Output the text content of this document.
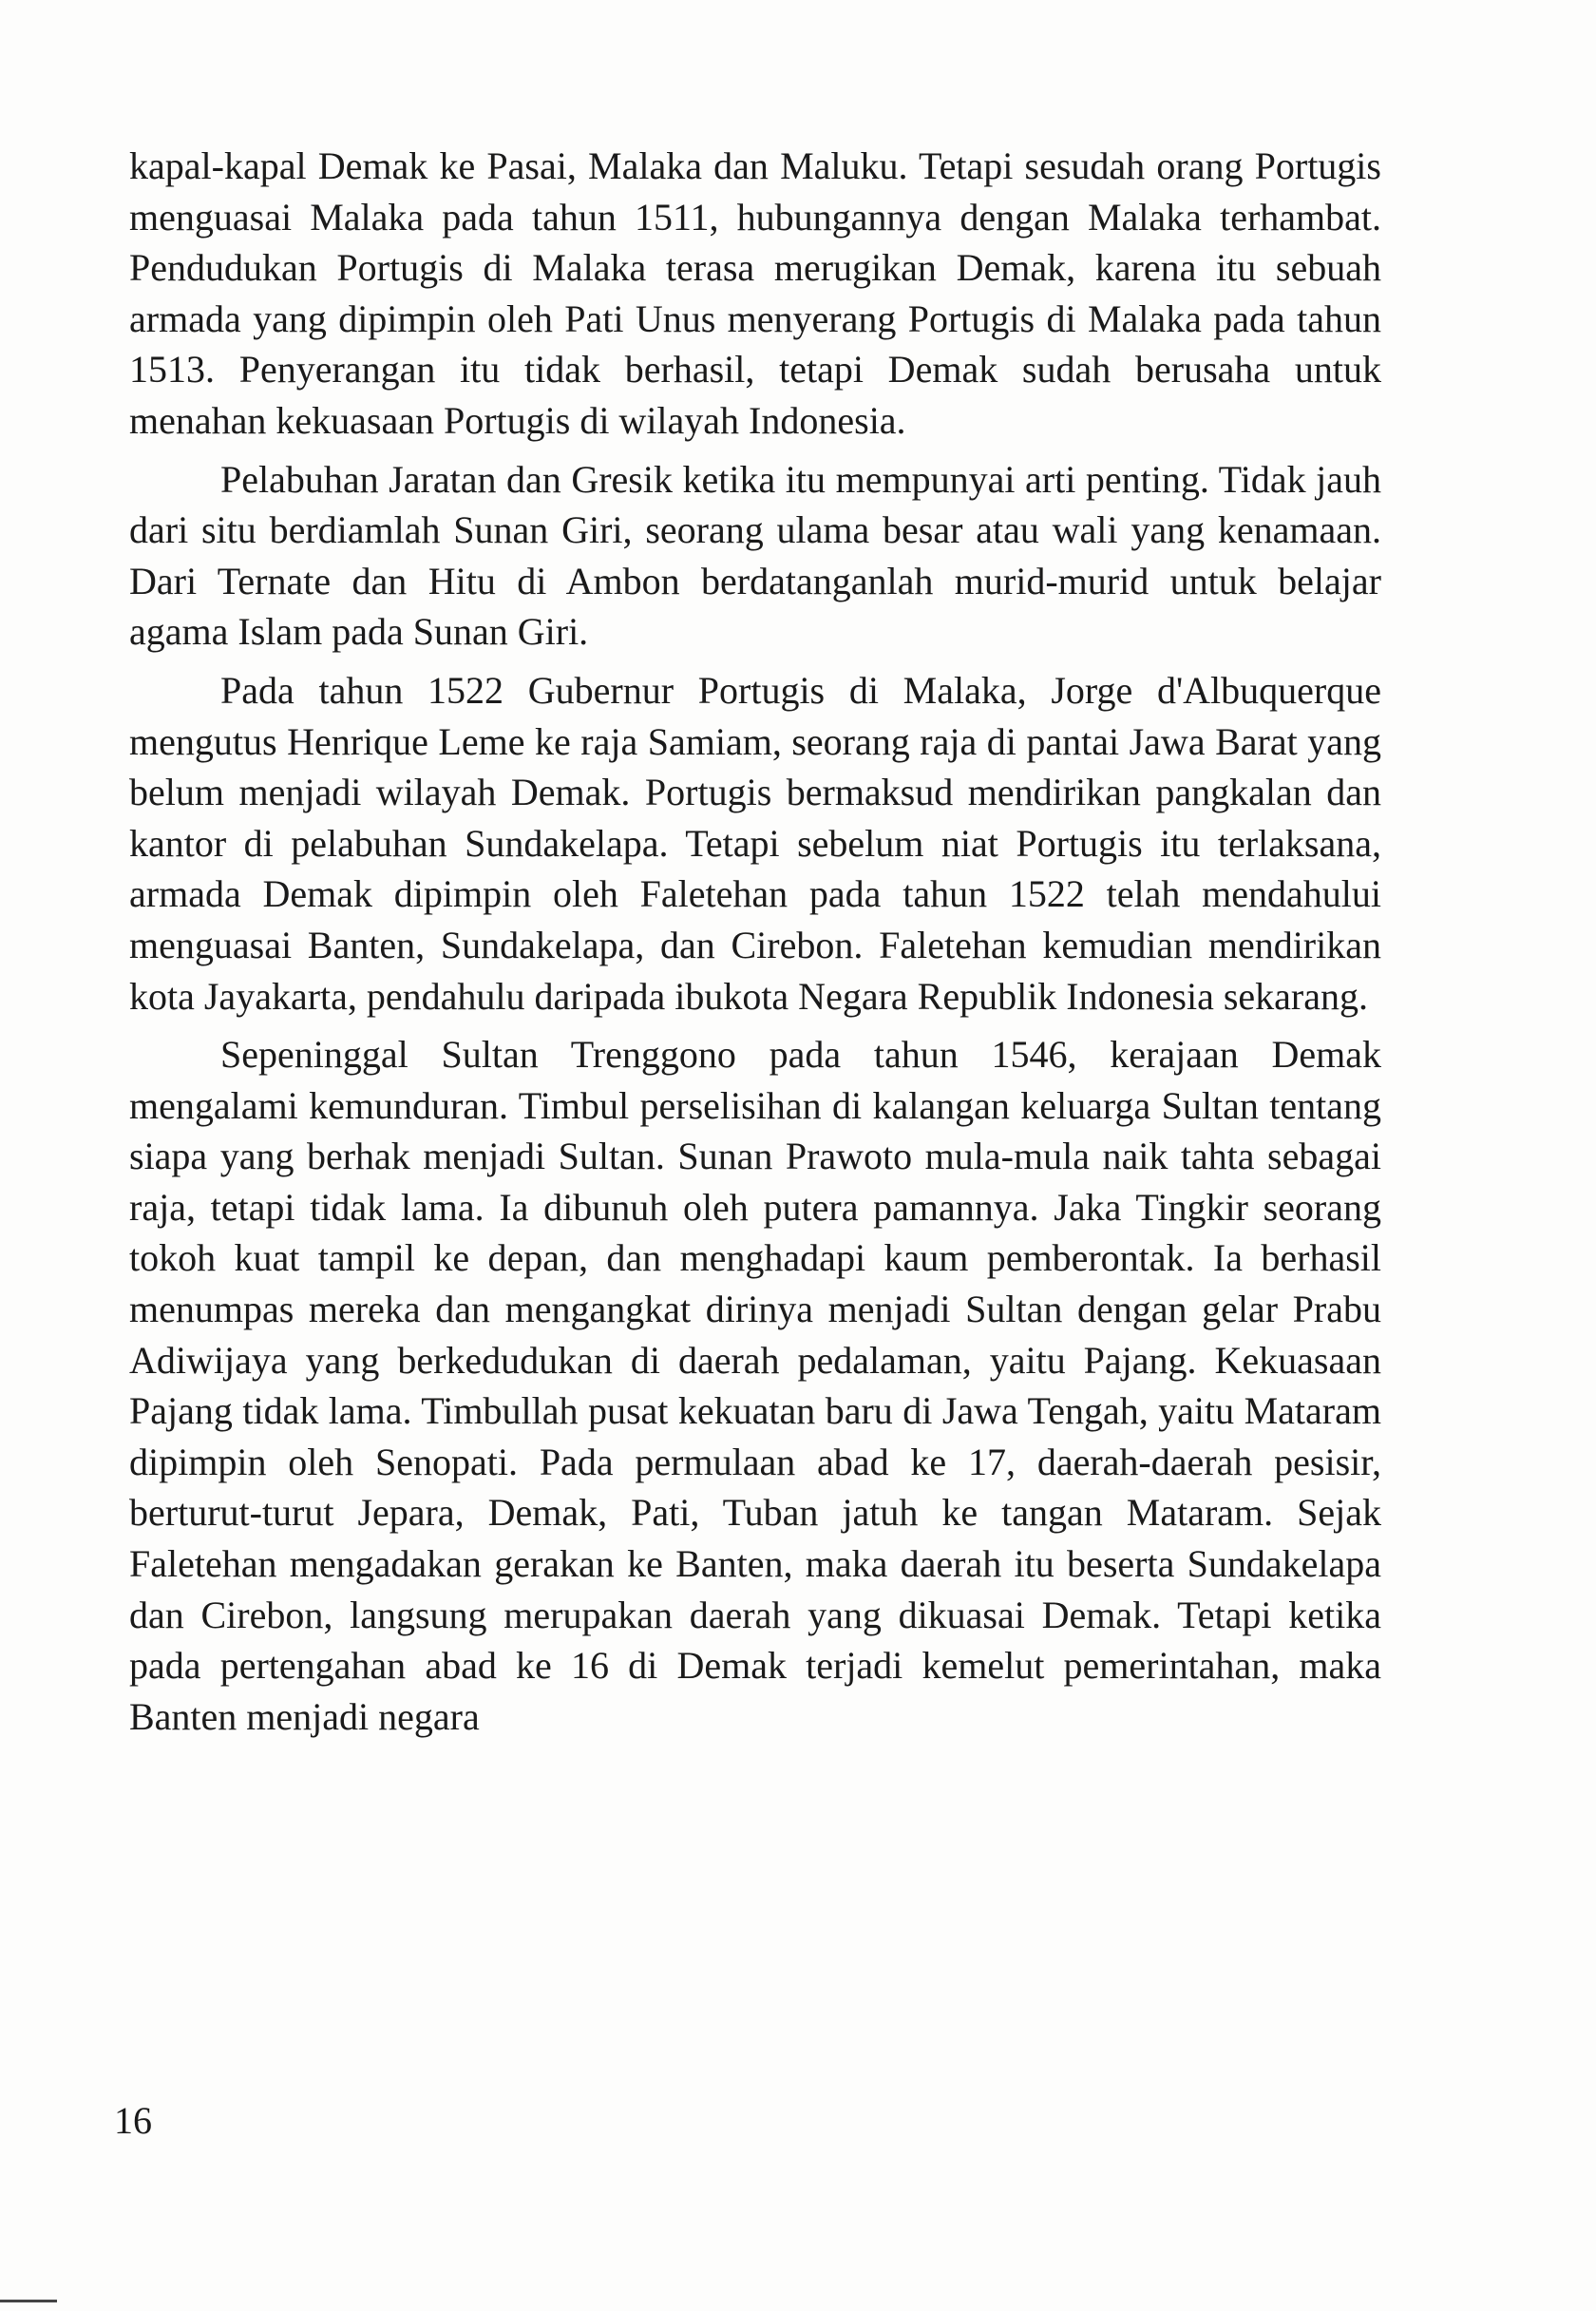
kapal-kapal Demak ke Pasai, Malaka dan Maluku. Tetapi sesudah orang Portugis menguasai Malaka pada tahun 1511, hubungannya dengan Malaka terhambat. Pendudukan Portugis di Malaka terasa merugikan Demak, karena itu sebuah armada yang dipimpin oleh Pati Unus menyerang Portugis di Malaka pada tahun 1513. Penyerangan itu tidak berhasil, tetapi Demak sudah berusaha untuk menahan kekuasaan Portugis di wilayah Indonesia.

Pelabuhan Jaratan dan Gresik ketika itu mempunyai arti penting. Tidak jauh dari situ berdiamlah Sunan Giri, seorang ulama besar atau wali yang kenamaan. Dari Ternate dan Hitu di Ambon berdatanganlah murid-murid untuk belajar agama Islam pada Sunan Giri.

Pada tahun 1522 Gubernur Portugis di Malaka, Jorge d'Albuquerque mengutus Henrique Leme ke raja Samiam, seorang raja di pantai Jawa Barat yang belum menjadi wilayah Demak. Portugis bermaksud mendirikan pangkalan dan kantor di pelabuhan Sundakelapa. Tetapi sebelum niat Portugis itu terlaksana, armada Demak dipimpin oleh Faletehan pada tahun 1522 telah mendahului menguasai Banten, Sundakelapa, dan Cirebon. Faletehan kemudian mendirikan kota Jayakarta, pendahulu daripada ibukota Negara Republik Indonesia sekarang.

Sepeninggal Sultan Trenggono pada tahun 1546, kerajaan Demak mengalami kemunduran. Timbul perselisihan di kalangan keluarga Sultan tentang siapa yang berhak menjadi Sultan. Sunan Prawoto mula-mula naik tahta sebagai raja, tetapi tidak lama. Ia dibunuh oleh putera pamannya. Jaka Tingkir seorang tokoh kuat tampil ke depan, dan menghadapi kaum pemberontak. Ia berhasil menumpas mereka dan mengangkat dirinya menjadi Sultan dengan gelar Prabu Adiwijaya yang berkedudukan di daerah pedalaman, yaitu Pajang. Kekuasaan Pajang tidak lama. Timbullah pusat kekuatan baru di Jawa Tengah, yaitu Mataram dipimpin oleh Senopati. Pada permulaan abad ke 17, daerah-daerah pesisir, berturut-turut Jepara, Demak, Pati, Tuban jatuh ke tangan Mataram. Sejak Faletehan mengadakan gerakan ke Banten, maka daerah itu beserta Sundakelapa dan Cirebon, langsung merupakan daerah yang dikuasai Demak. Tetapi ketika pada pertengahan abad ke 16 di Demak terjadi kemelut pemerintahan, maka Banten menjadi negara

16
